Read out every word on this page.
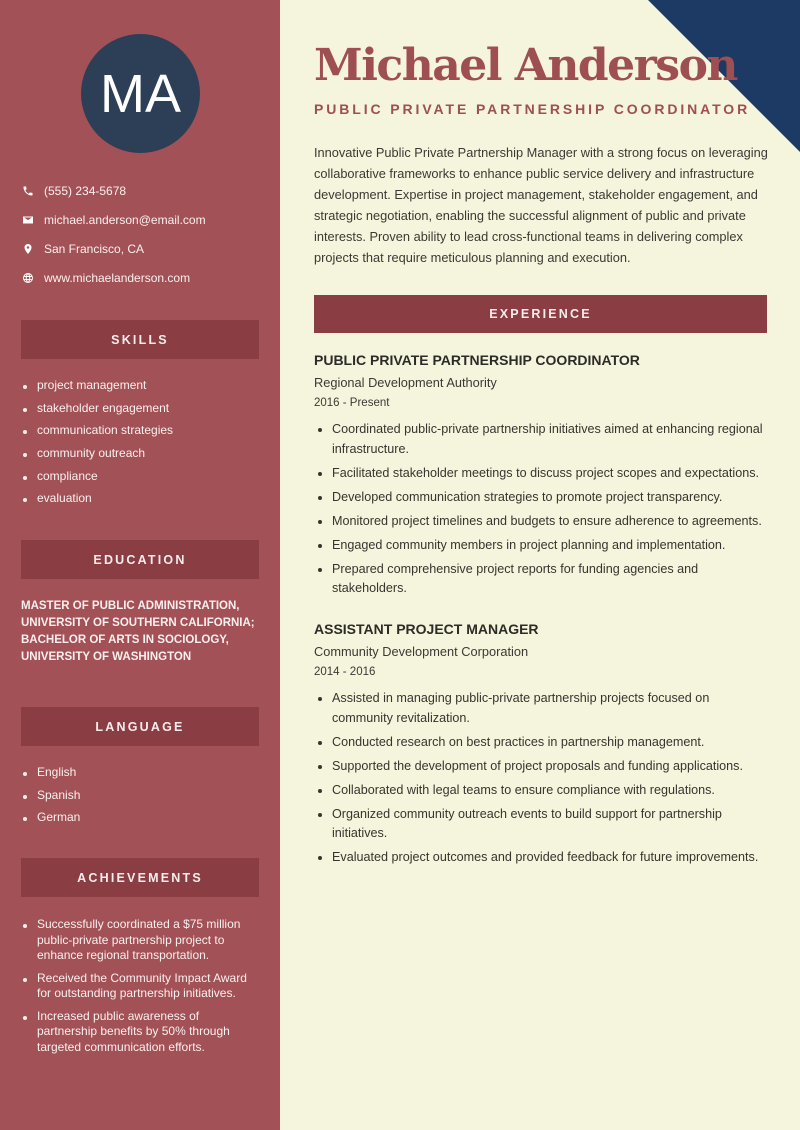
MA
(555) 234-5678
michael.anderson@email.com
San Francisco, CA
www.michaelanderson.com
SKILLS
project management
stakeholder engagement
communication strategies
community outreach
compliance
evaluation
EDUCATION
MASTER OF PUBLIC ADMINISTRATION, UNIVERSITY OF SOUTHERN CALIFORNIA; BACHELOR OF ARTS IN SOCIOLOGY, UNIVERSITY OF WASHINGTON
LANGUAGE
English
Spanish
German
ACHIEVEMENTS
Successfully coordinated a $75 million public-private partnership project to enhance regional transportation.
Received the Community Impact Award for outstanding partnership initiatives.
Increased public awareness of partnership benefits by 50% through targeted communication efforts.
Michael Anderson
PUBLIC PRIVATE PARTNERSHIP COORDINATOR

Innovative Public Private Partnership Manager with a strong focus on leveraging collaborative frameworks to enhance public service delivery and infrastructure development. Expertise in project management, stakeholder engagement, and strategic negotiation, enabling the successful alignment of public and private interests. Proven ability to lead cross-functional teams in delivering complex projects that require meticulous planning and execution.

EXPERIENCE
PUBLIC PRIVATE PARTNERSHIP COORDINATOR
Regional Development Authority
2016 - Present
Coordinated public-private partnership initiatives aimed at enhancing regional infrastructure.
Facilitated stakeholder meetings to discuss project scopes and expectations.
Developed communication strategies to promote project transparency.
Monitored project timelines and budgets to ensure adherence to agreements.
Engaged community members in project planning and implementation.
Prepared comprehensive project reports for funding agencies and stakeholders.
ASSISTANT PROJECT MANAGER
Community Development Corporation
2014 - 2016
Assisted in managing public-private partnership projects focused on community revitalization.
Conducted research on best practices in partnership management.
Supported the development of project proposals and funding applications.
Collaborated with legal teams to ensure compliance with regulations.
Organized community outreach events to build support for partnership initiatives.
Evaluated project outcomes and provided feedback for future improvements.
